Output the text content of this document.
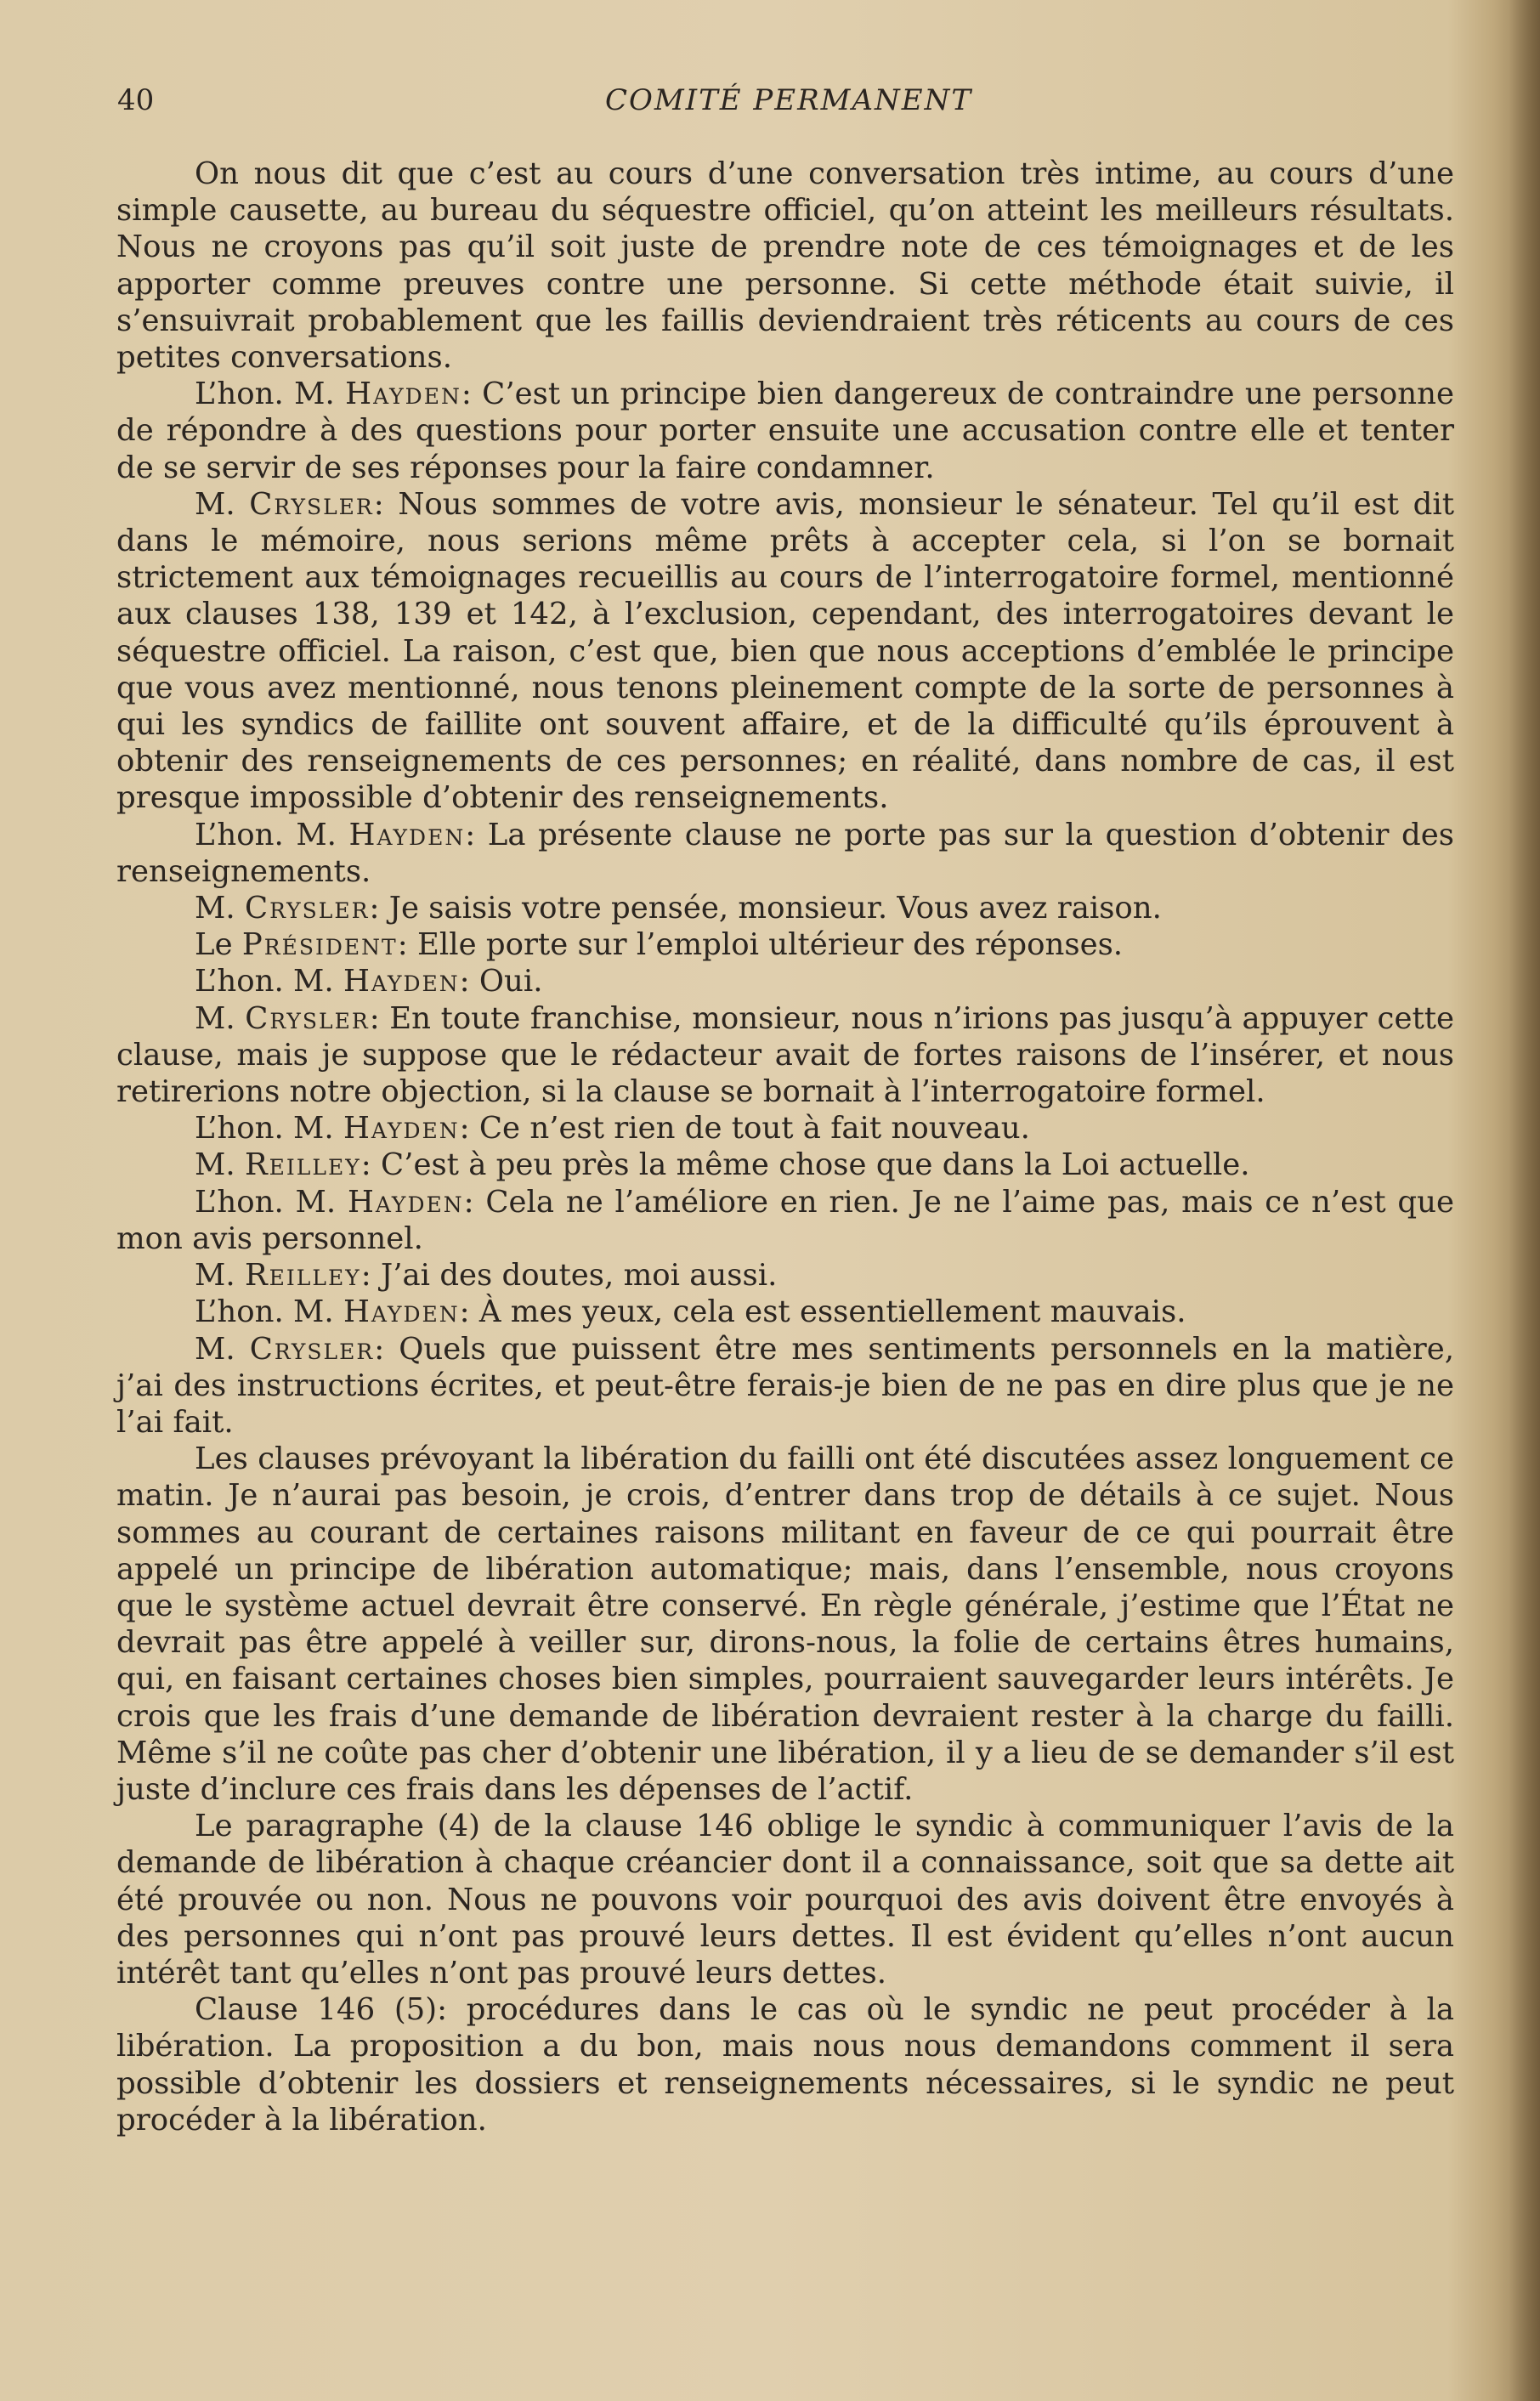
40	COMITÉ PERMANENT

On nous dit que c’est au cours d’une conversation très intime, au cours d’une simple causette, au bureau du séquestre officiel, qu’on atteint les meilleurs résultats. Nous ne croyons pas qu’il soit juste de prendre note de ces témoignages et de les apporter comme preuves contre une personne. Si cette méthode était suivie, il s’ensuivrait probablement que les faillis deviendraient très réticents au cours de ces petites conversations.

L’hon. M. Hayden: C’est un principe bien dangereux de contraindre une personne de répondre à des questions pour porter ensuite une accusation contre elle et tenter de se servir de ses réponses pour la faire condamner.

M. Crysler: Nous sommes de votre avis, monsieur le sénateur. Tel qu’il est dit dans le mémoire, nous serions même prêts à accepter cela, si l’on se bornait strictement aux témoignages recueillis au cours de l’interrogatoire formel, mentionné aux clauses 138, 139 et 142, à l’exclusion, cependant, des interrogatoires devant le séquestre officiel. La raison, c’est que, bien que nous acceptions d’emblée le principe que vous avez mentionné, nous tenons pleinement compte de la sorte de personnes à qui les syndics de faillite ont souvent affaire, et de la difficulté qu’ils éprouvent à obtenir des renseignements de ces personnes; en réalité, dans nombre de cas, il est presque impossible d’obtenir des renseignements.

L’hon. M. Hayden: La présente clause ne porte pas sur la question d’obtenir des renseignements.

M. Crysler: Je saisis votre pensée, monsieur. Vous avez raison.

Le Président: Elle porte sur l’emploi ultérieur des réponses.

L’hon. M. Hayden: Oui.

M. Crysler: En toute franchise, monsieur, nous n’irions pas jusqu’à appuyer cette clause, mais je suppose que le rédacteur avait de fortes raisons de l’insérer, et nous retirerions notre objection, si la clause se bornait à l’interrogatoire formel.

L’hon. M. Hayden: Ce n’est rien de tout à fait nouveau.

M. Reilley: C’est à peu près la même chose que dans la Loi actuelle.

L’hon. M. Hayden: Cela ne l’améliore en rien. Je ne l’aime pas, mais ce n’est que mon avis personnel.

M. Reilley: J’ai des doutes, moi aussi.

L’hon. M. Hayden: À mes yeux, cela est essentiellement mauvais.

M. Crysler: Quels que puissent être mes sentiments personnels en la matière, j’ai des instructions écrites, et peut-être ferais-je bien de ne pas en dire plus que je ne l’ai fait.

Les clauses prévoyant la libération du failli ont été discutées assez longuement ce matin. Je n’aurai pas besoin, je crois, d’entrer dans trop de détails à ce sujet. Nous sommes au courant de certaines raisons militant en faveur de ce qui pourrait être appelé un principe de libération automatique; mais, dans l’ensemble, nous croyons que le système actuel devrait être conservé. En règle générale, j’estime que l’État ne devrait pas être appelé à veiller sur, dirons-nous, la folie de certains êtres humains, qui, en faisant certaines choses bien simples, pourraient sauvegarder leurs intérêts. Je crois que les frais d’une demande de libération devraient rester à la charge du failli. Même s’il ne coûte pas cher d’obtenir une libération, il y a lieu de se demander s’il est juste d’inclure ces frais dans les dépenses de l’actif.

Le paragraphe (4) de la clause 146 oblige le syndic à communiquer l’avis de la demande de libération à chaque créancier dont il a connaissance, soit que sa dette ait été prouvée ou non. Nous ne pouvons voir pourquoi des avis doivent être envoyés à des personnes qui n’ont pas prouvé leurs dettes. Il est évident qu’elles n’ont aucun intérêt tant qu’elles n’ont pas prouvé leurs dettes.

Clause 146 (5): procédures dans le cas où le syndic ne peut procéder à la libération. La proposition a du bon, mais nous nous demandons comment il sera possible d’obtenir les dossiers et renseignements nécessaires, si le syndic ne peut procéder à la libération.
